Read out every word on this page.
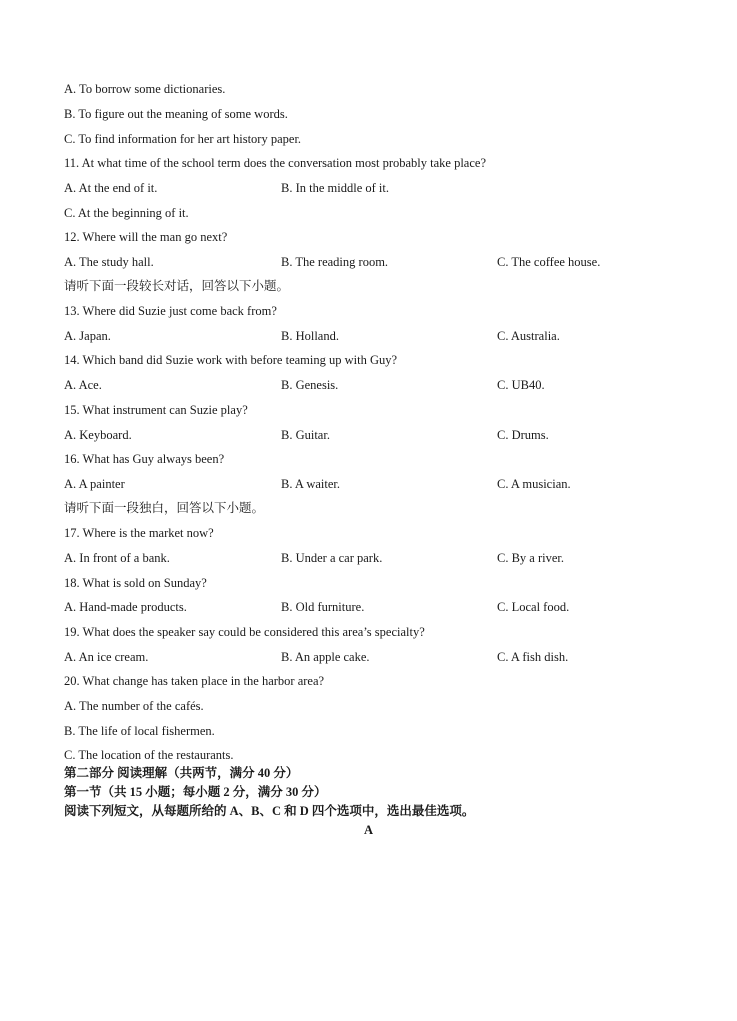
A. To borrow some dictionaries.
B. To figure out the meaning of some words.
C. To find information for her art history paper.
11. At what time of the school term does the conversation most probably take place?
A. At the end of it.	B. In the middle of it.
C. At the beginning of it.
12. Where will the man go next?
A. The study hall.	B. The reading room.	C. The coffee house.
请听下面一段较长对话，回答以下小题。
13. Where did Suzie just come back from?
A. Japan.	B. Holland.	C. Australia.
14. Which band did Suzie work with before teaming up with Guy?
A. Ace.	B. Genesis.	C. UB40.
15. What instrument can Suzie play?
A. Keyboard.	B. Guitar.	C. Drums.
16. What has Guy always been?
A. A painter	B. A waiter.	C. A musician.
请听下面一段独白，回答以下小题。
17. Where is the market now?
A. In front of a bank.	B. Under a car park.	C. By a river.
18. What is sold on Sunday?
A. Hand-made products.	B. Old furniture.	C. Local food.
19. What does the speaker say could be considered this area’s specialty?
A. An ice cream.	B. An apple cake.	C. A fish dish.
20. What change has taken place in the harbor area?
A. The number of the cafés.
B. The life of local fishermen.
C. The location of the restaurants.
第二部分 阅读理解（共两节，满分 40 分）
第一节（共 15 小题；每小题 2 分，满分 30 分）
阅读下列短文，从每题所给的 A、B、C 和 D 四个选项中，选出最佳选项。
A
